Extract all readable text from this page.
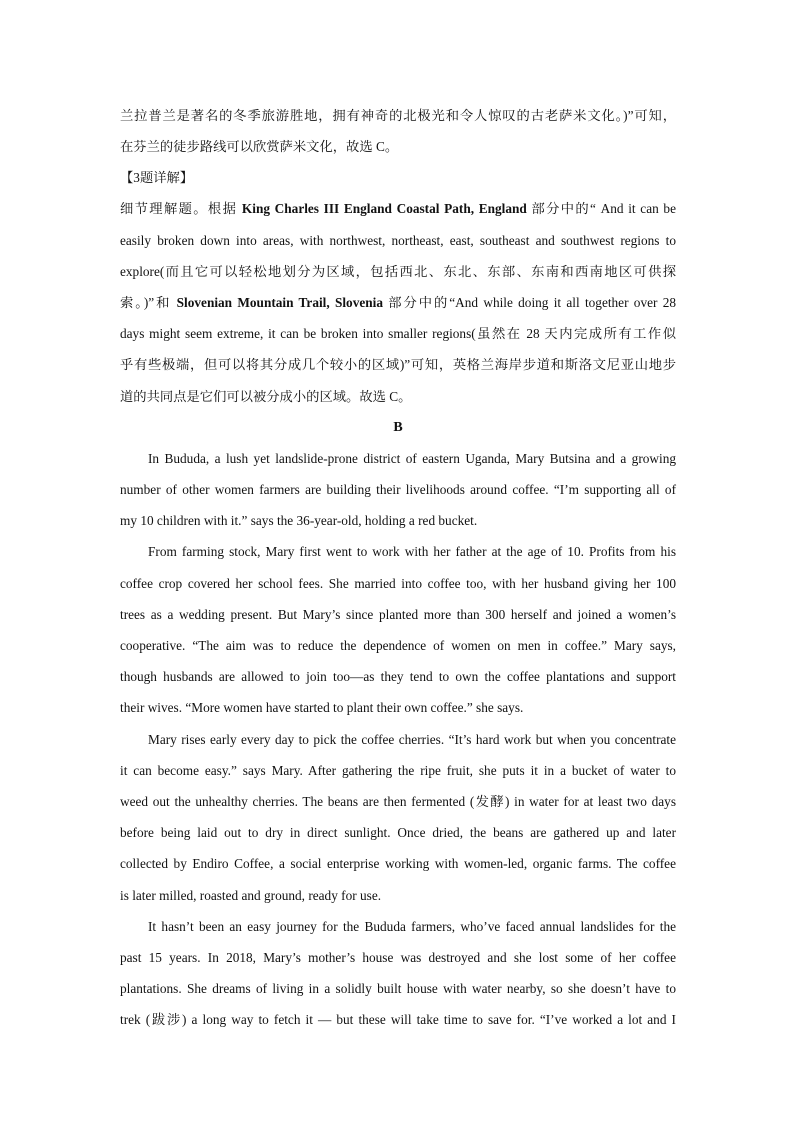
兰拉普兰是著名的冬季旅游胜地，拥有神奇的北极光和令人惊叹的古老萨米文化。)”可知，

在芬兰的徒步路线可以欣赏萨米文化，故选 C。

【3题详解】

细节理解题。根据 King Charles III England Coastal Path, England 部分中的“ And it can be

easily broken down into areas, with northwest, northeast, east, southeast and southwest regions to

explore(而且它可以轻松地划分为区域，包括西北、东北、东部、东南和西南地区可供探

索。)”和 Slovenian Mountain Trail, Slovenia 部分中的“And while doing it all together over 28

days might seem extreme, it can be broken into smaller regions(虽然在 28 天内完成所有工作似

乎有些极端，但可以将其分成几个较小的区域)”可知，英格兰海岸步道和斯洛文尼亚山地步

道的共同点是它们可以被分成小的区域。故选 C。

B

In Bududa, a lush yet landslide-prone district of eastern Uganda, Mary Butsina and a growing

number of other women farmers are building their livelihoods around coffee. “I’m supporting all of

my 10 children with it.” says the 36-year-old, holding a red bucket.

From farming stock, Mary first went to work with her father at the age of 10. Profits from his

coffee crop covered her school fees. She married into coffee too, with her husband giving her 100

trees as a wedding present. But Mary’s since planted more than 300 herself and joined a women’s

cooperative. “The aim was to reduce the dependence of women on men in coffee.” Mary says,

though husbands are allowed to join too—as they tend to own the coffee plantations and support

their wives. “More women have started to plant their own coffee.” she says.

Mary rises early every day to pick the coffee cherries. “It’s hard work but when you concentrate

it can become easy.” says Mary. After gathering the ripe fruit, she puts it in a bucket of water to

weed out the unhealthy cherries. The beans are then fermented (发酵) in water for at least two days

before being laid out to dry in direct sunlight. Once dried, the beans are gathered up and later

collected by Endiro Coffee, a social enterprise working with women-led, organic farms. The coffee

is later milled, roasted and ground, ready for use.

It hasn’t been an easy journey for the Bududa farmers, who’ve faced annual landslides for the

past 15 years. In 2018, Mary’s mother’s house was destroyed and she lost some of her coffee

plantations. She dreams of living in a solidly built house with water nearby, so she doesn’t have to

trek (跋涉) a long way to fetch it — but these will take time to save for. “I’ve worked a lot and I
